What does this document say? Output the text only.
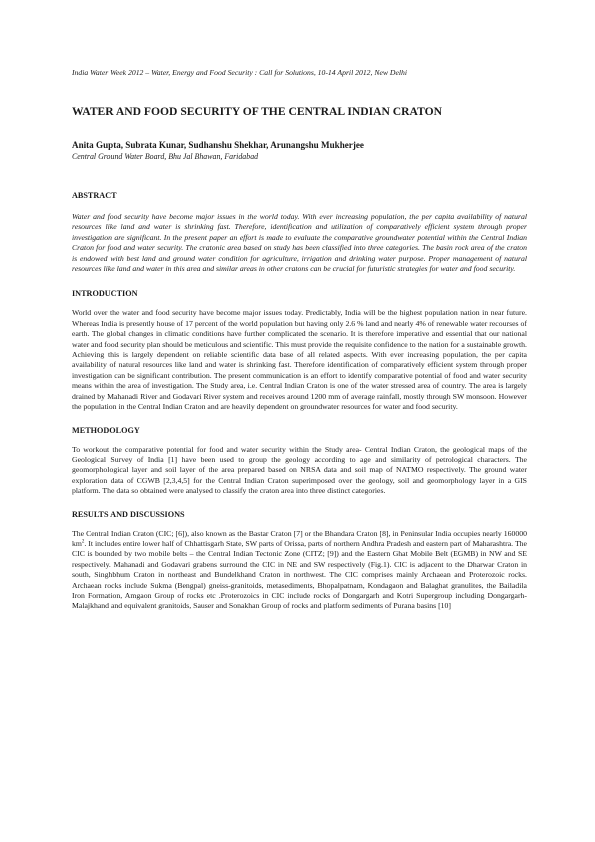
India Water Week 2012 – Water, Energy and Food Security : Call for Solutions, 10-14 April 2012, New Delhi

WATER AND FOOD SECURITY OF THE CENTRAL INDIAN CRATON
Anita Gupta, Subrata Kunar, Sudhanshu Shekhar, Arunangshu Mukherjee
Central Ground Water Board, Bhu Jal Bhawan, Faridabad
ABSTRACT

Water and food security have become major issues in the world today. With ever increasing population, the per capita availability of natural resources like land and water is shrinking fast. Therefore, identification and utilization of comparatively efficient system through proper investigation are significant. In the present paper an effort is made to evaluate the comparative groundwater potential within the Central Indian Craton for food and water security. The cratonic area based on study has been classified into three categories. The basin rock area of the craton is endowed with best land and ground water condition for agriculture, irrigation and drinking water purpose. Proper management of natural resources like land and water in this area and similar areas in other cratons can be crucial for futuristic strategies for water and food security.

INTRODUCTION

World over the water and food security have become major issues today. Predictably, India will be the highest population nation in near future. Whereas India is presently house of 17 percent of the world population but having only 2.6 % land and nearly 4% of renewable water recourses of earth. The global changes in climatic conditions have further complicated the scenario. It is therefore imperative and essential that our national water and food security plan should be meticulous and scientific. This must provide the requisite confidence to the nation for a sustainable growth. Achieving this is largely dependent on reliable scientific data base of all related aspects. With ever increasing population, the per capita availability of natural resources like land and water is shrinking fast. Therefore identification of comparatively efficient system through proper investigation can be significant contribution. The present communication is an effort to identify comparative potential of food and water security means within the area of investigation. The Study area, i.e. Central Indian Craton is one of the water stressed area of country. The area is largely drained by Mahanadi River and Godavari River system and receives around 1200 mm of average rainfall, mostly through SW monsoon. However the population in the Central Indian Craton and are heavily dependent on groundwater resources for water and food security.

METHODOLOGY

To workout the comparative potential for food and water security within the Study area- Central Indian Craton, the geological maps of the Geological Survey of India [1] have been used to group the geology according to age and similarity of petrological characters. The geomorphological layer and soil layer of the area prepared based on NRSA data and soil map of NATMO respectively. The ground water exploration data of CGWB [2,3,4,5] for the Central Indian Craton superimposed over the geology, soil and geomorphology layer in a GIS platform. The data so obtained were analysed to classify the craton area into three distinct categories.

RESULTS AND DISCUSSIONS

The Central Indian Craton (CIC; [6]), also known as the Bastar Craton [7] or the Bhandara Craton [8], in Peninsular India occupies nearly 160000 $km^2$. It includes entire lower half of Chhattisgarh State, SW parts of Orissa, parts of northern Andhra Pradesh and eastern part of Maharashtra. The CIC is bounded by two mobile belts – the Central Indian Tectonic Zone (CITZ; [9]) and the Eastern Ghat Mobile Belt (EGMB) in NW and SE respectively. Mahanadi and Godavari grabens surround the CIC in NE and SW respectively (Fig.1). CIC is adjacent to the Dharwar Craton in south, Singhbhum Craton in northeast and Bundelkhand Craton in northwest. The CIC comprises mainly Archaean and Proterozoic rocks. Archaean rocks include Sukma (Bengpal) gneiss-granitoids, metasediments, Bhopalpatnam, Kondagaon and Balaghat granulites, the Bailadila Iron Formation, Amgaon Group of rocks etc .Proterozoics in CIC include rocks of Dongargarh and Kotri Supergroup including Dongargarh- Malajkhand and equivalent granitoids, Sauser and Sonakhan Group of rocks and platform sediments of Purana basins [10]
